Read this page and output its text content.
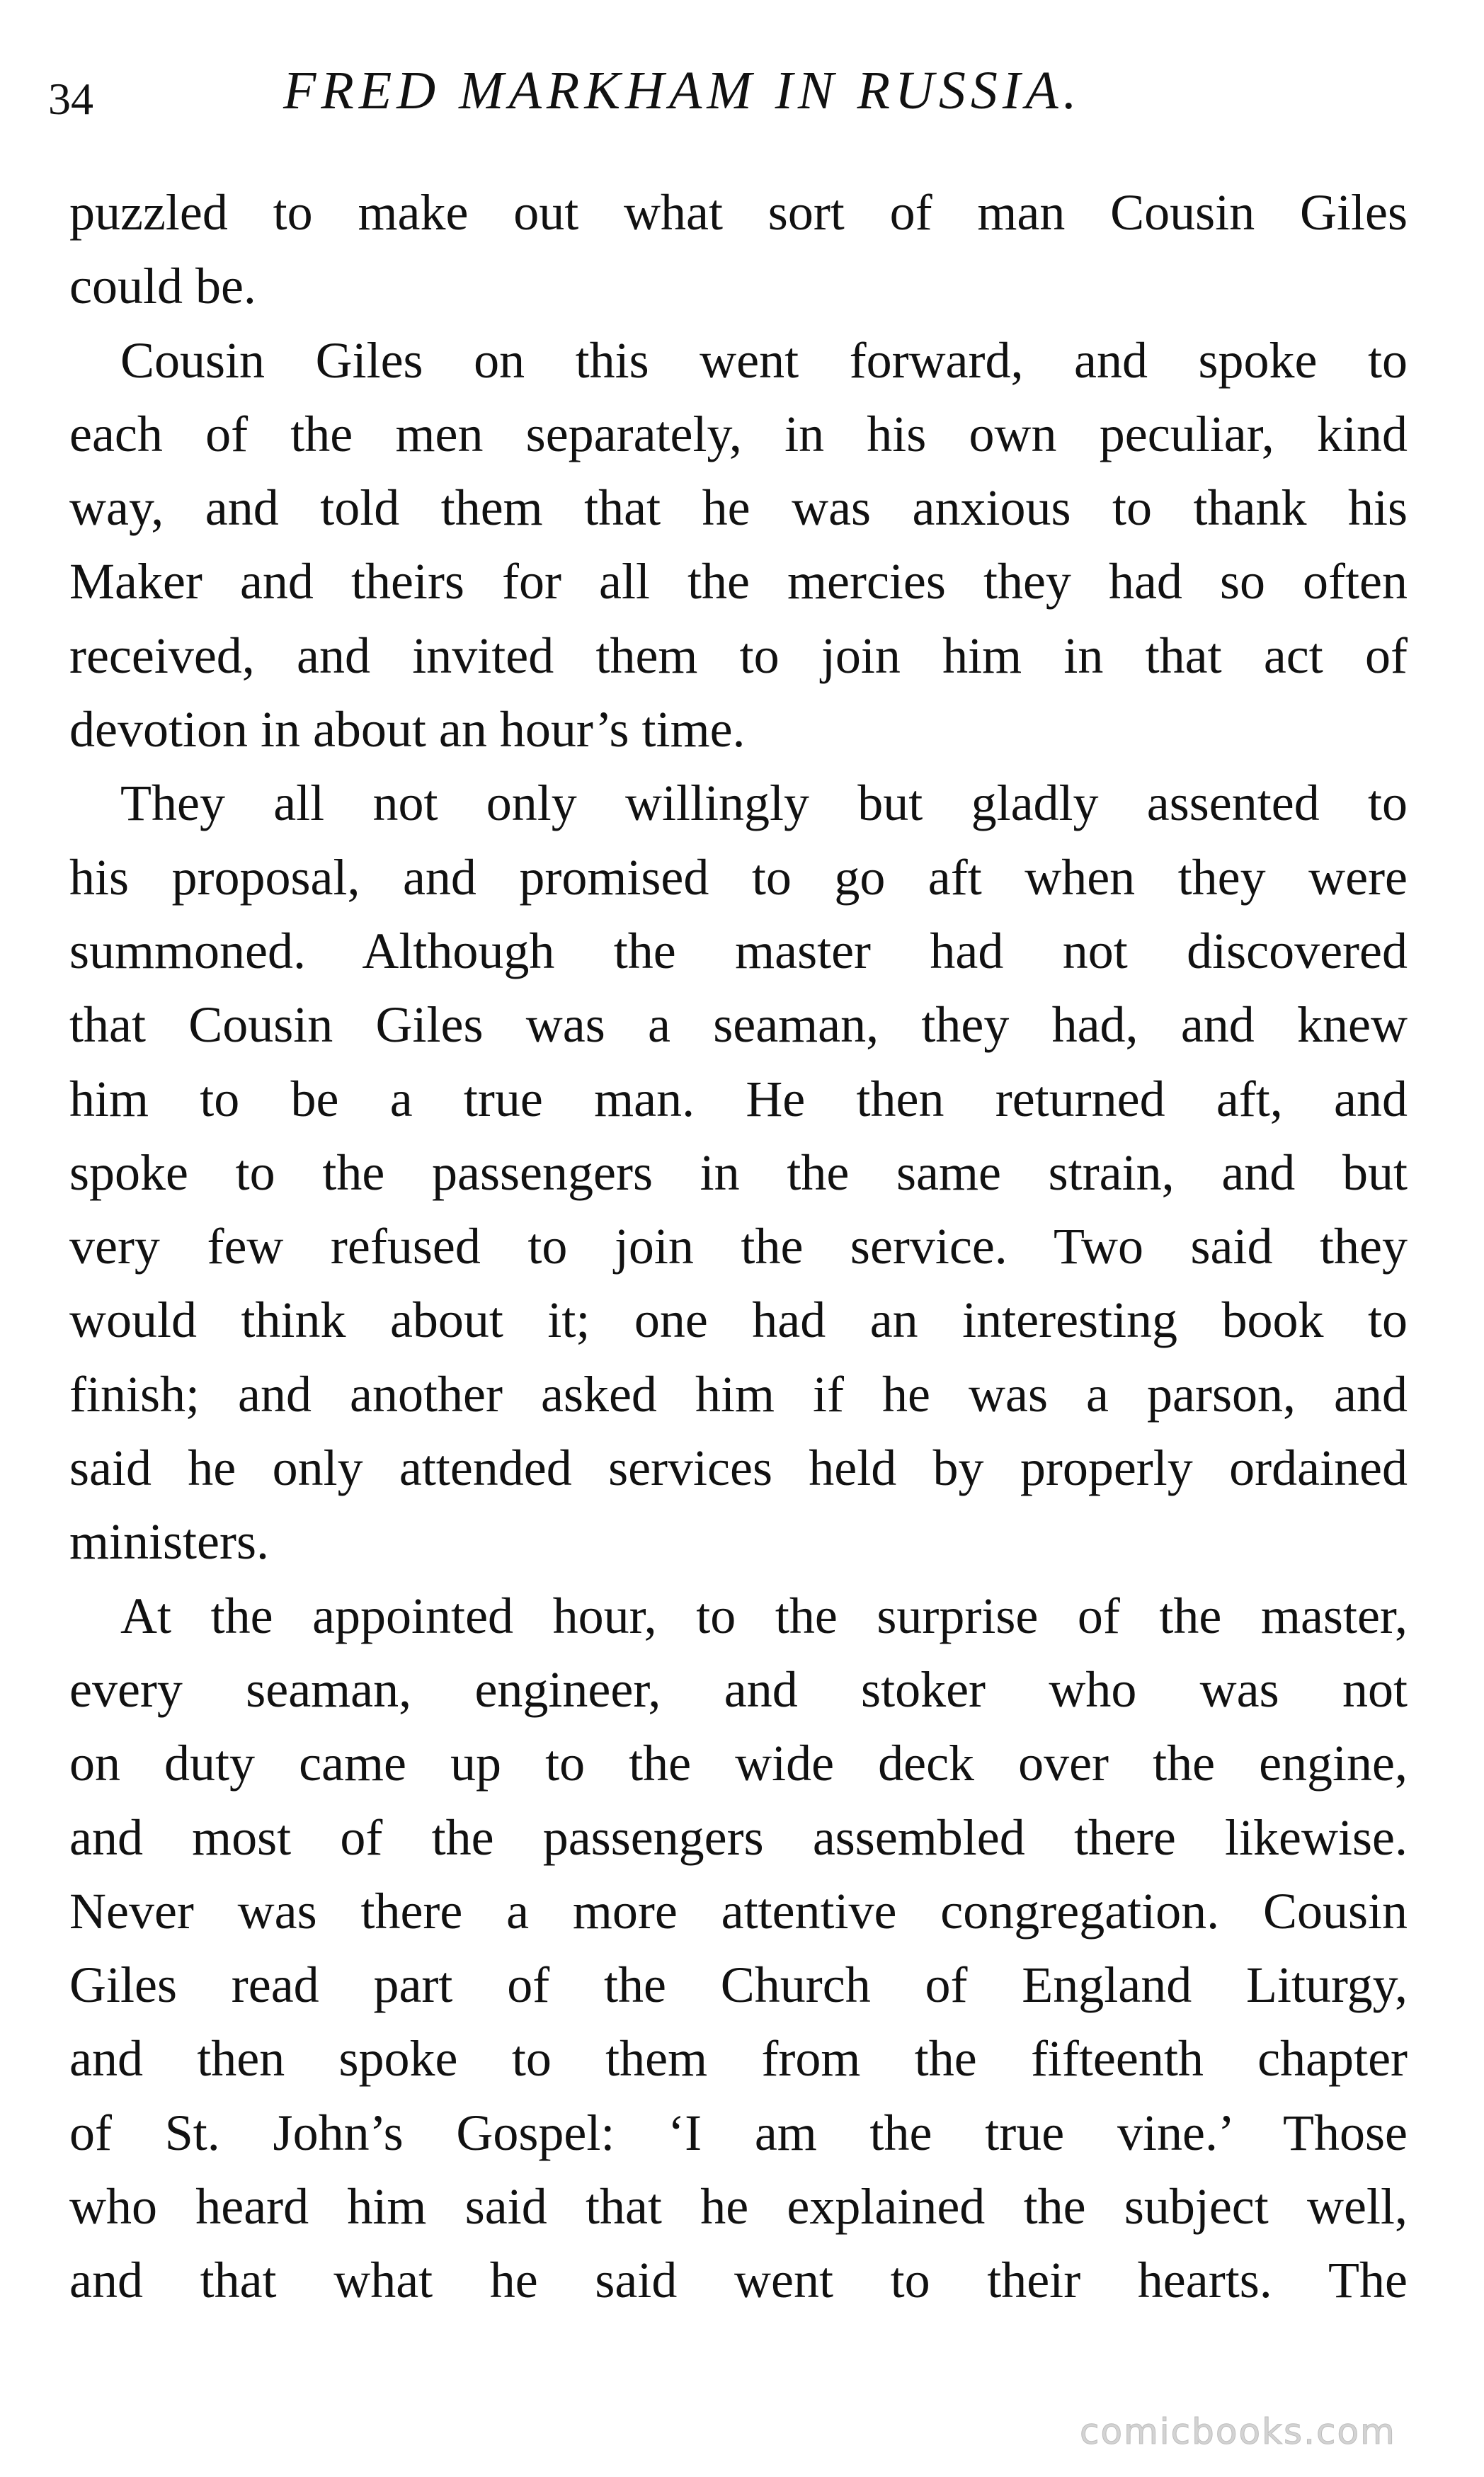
34	FRED MARKHAM IN RUSSIA.
puzzled to make out what sort of man Cousin Giles
could be.
Cousin Giles on this went forward, and spoke to
each of the men separately, in his own peculiar, kind
way, and told them that he was anxious to thank his
Maker and theirs for all the mercies they had so often
received, and invited them to join him in that act of
devotion in about an hour’s time.
They all not only willingly but gladly assented to
his proposal, and promised to go aft when they were
summoned. Although the master had not discovered
that Cousin Giles was a seaman, they had, and knew
him to be a true man. He then returned aft, and
spoke to the passengers in the same strain, and but
very few refused to join the service. Two said they
would think about it; one had an interesting book to
finish; and another asked him if he was a parson, and
said he only attended services held by properly ordained
ministers.
At the appointed hour, to the surprise of the master,
every seaman, engineer, and stoker who was not
on duty came up to the wide deck over the engine,
and most of the passengers assembled there likewise.
Never was there a more attentive congregation. Cousin
Giles read part of the Church of England Liturgy,
and then spoke to them from the fifteenth chapter
of St. John’s Gospel: ‘I am the true vine.’ Those
who heard him said that he explained the subject well,
and that what he said went to their hearts. The
comicbooks.com
